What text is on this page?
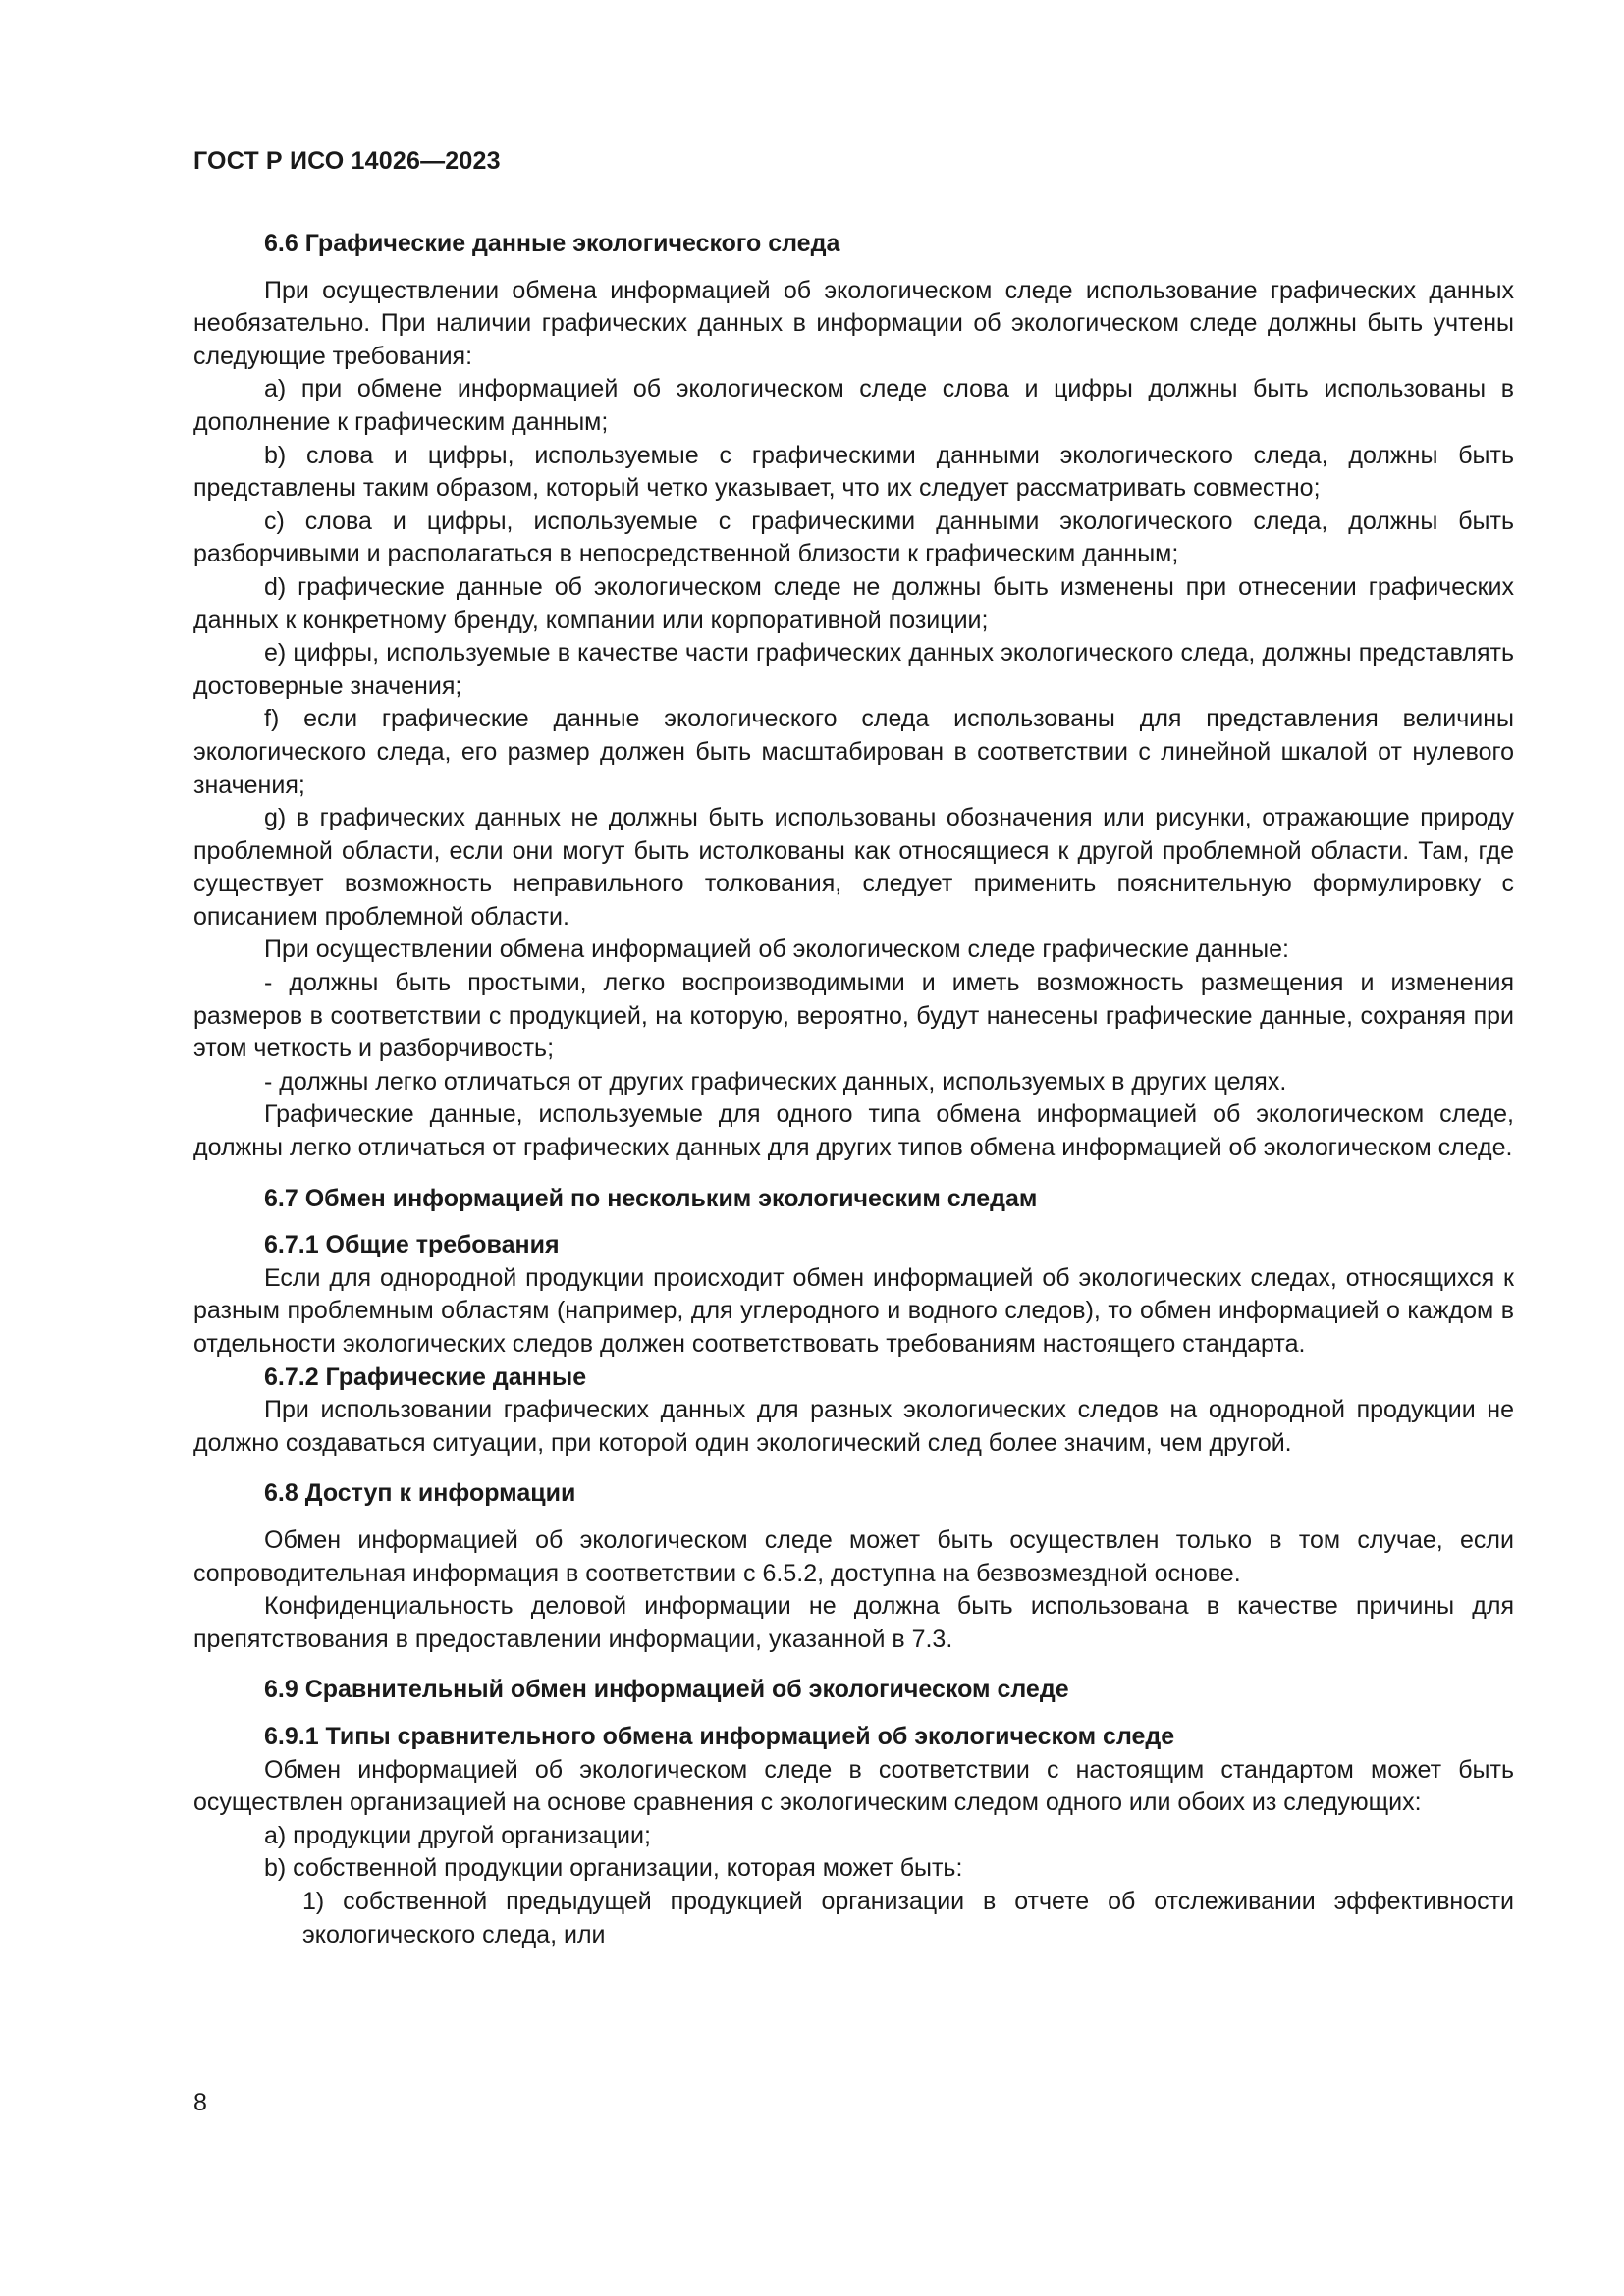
ГОСТ Р ИСО 14026—2023

6.6 Графические данные экологического следа

При осуществлении обмена информацией об экологическом следе использование графических данных необязательно. При наличии графических данных в информации об экологическом следе должны быть учтены следующие требования:

a) при обмене информацией об экологическом следе слова и цифры должны быть использованы в дополнение к графическим данным;

b) слова и цифры, используемые с графическими данными экологического следа, должны быть представлены таким образом, который четко указывает, что их следует рассматривать совместно;

c) слова и цифры, используемые с графическими данными экологического следа, должны быть разборчивыми и располагаться в непосредственной близости к графическим данным;

d) графические данные об экологическом следе не должны быть изменены при отнесении графических данных к конкретному бренду, компании или корпоративной позиции;

e) цифры, используемые в качестве части графических данных экологического следа, должны представлять достоверные значения;

f) если графические данные экологического следа использованы для представления величины экологического следа, его размер должен быть масштабирован в соответствии с линейной шкалой от нулевого значения;

g) в графических данных не должны быть использованы обозначения или рисунки, отражающие природу проблемной области, если они могут быть истолкованы как относящиеся к другой проблемной области. Там, где существует возможность неправильного толкования, следует применить пояснительную формулировку с описанием проблемной области.

При осуществлении обмена информацией об экологическом следе графические данные:

- должны быть простыми, легко воспроизводимыми и иметь возможность размещения и изменения размеров в соответствии с продукцией, на которую, вероятно, будут нанесены графические данные, сохраняя при этом четкость и разборчивость;

- должны легко отличаться от других графических данных, используемых в других целях.

Графические данные, используемые для одного типа обмена информацией об экологическом следе, должны легко отличаться от графических данных для других типов обмена информацией об экологическом следе.

6.7 Обмен информацией по нескольким экологическим следам

6.7.1 Общие требования

Если для однородной продукции происходит обмен информацией об экологических следах, относящихся к разным проблемным областям (например, для углеродного и водного следов), то обмен информацией о каждом в отдельности экологических следов должен соответствовать требованиям настоящего стандарта.

6.7.2 Графические данные

При использовании графических данных для разных экологических следов на однородной продукции не должно создаваться ситуации, при которой один экологический след более значим, чем другой.

6.8 Доступ к информации

Обмен информацией об экологическом следе может быть осуществлен только в том случае, если сопроводительная информация в соответствии с 6.5.2, доступна на безвозмездной основе.

Конфиденциальность деловой информации не должна быть использована в качестве причины для препятствования в предоставлении информации, указанной в 7.3.

6.9 Сравнительный обмен информацией об экологическом следе

6.9.1 Типы сравнительного обмена информацией об экологическом следе

Обмен информацией об экологическом следе в соответствии с настоящим стандартом может быть осуществлен организацией на основе сравнения с экологическим следом одного или обоих из следующих:

a) продукции другой организации;

b) собственной продукции организации, которая может быть:

1) собственной предыдущей продукцией организации в отчете об отслеживании эффективности экологического следа, или

8
